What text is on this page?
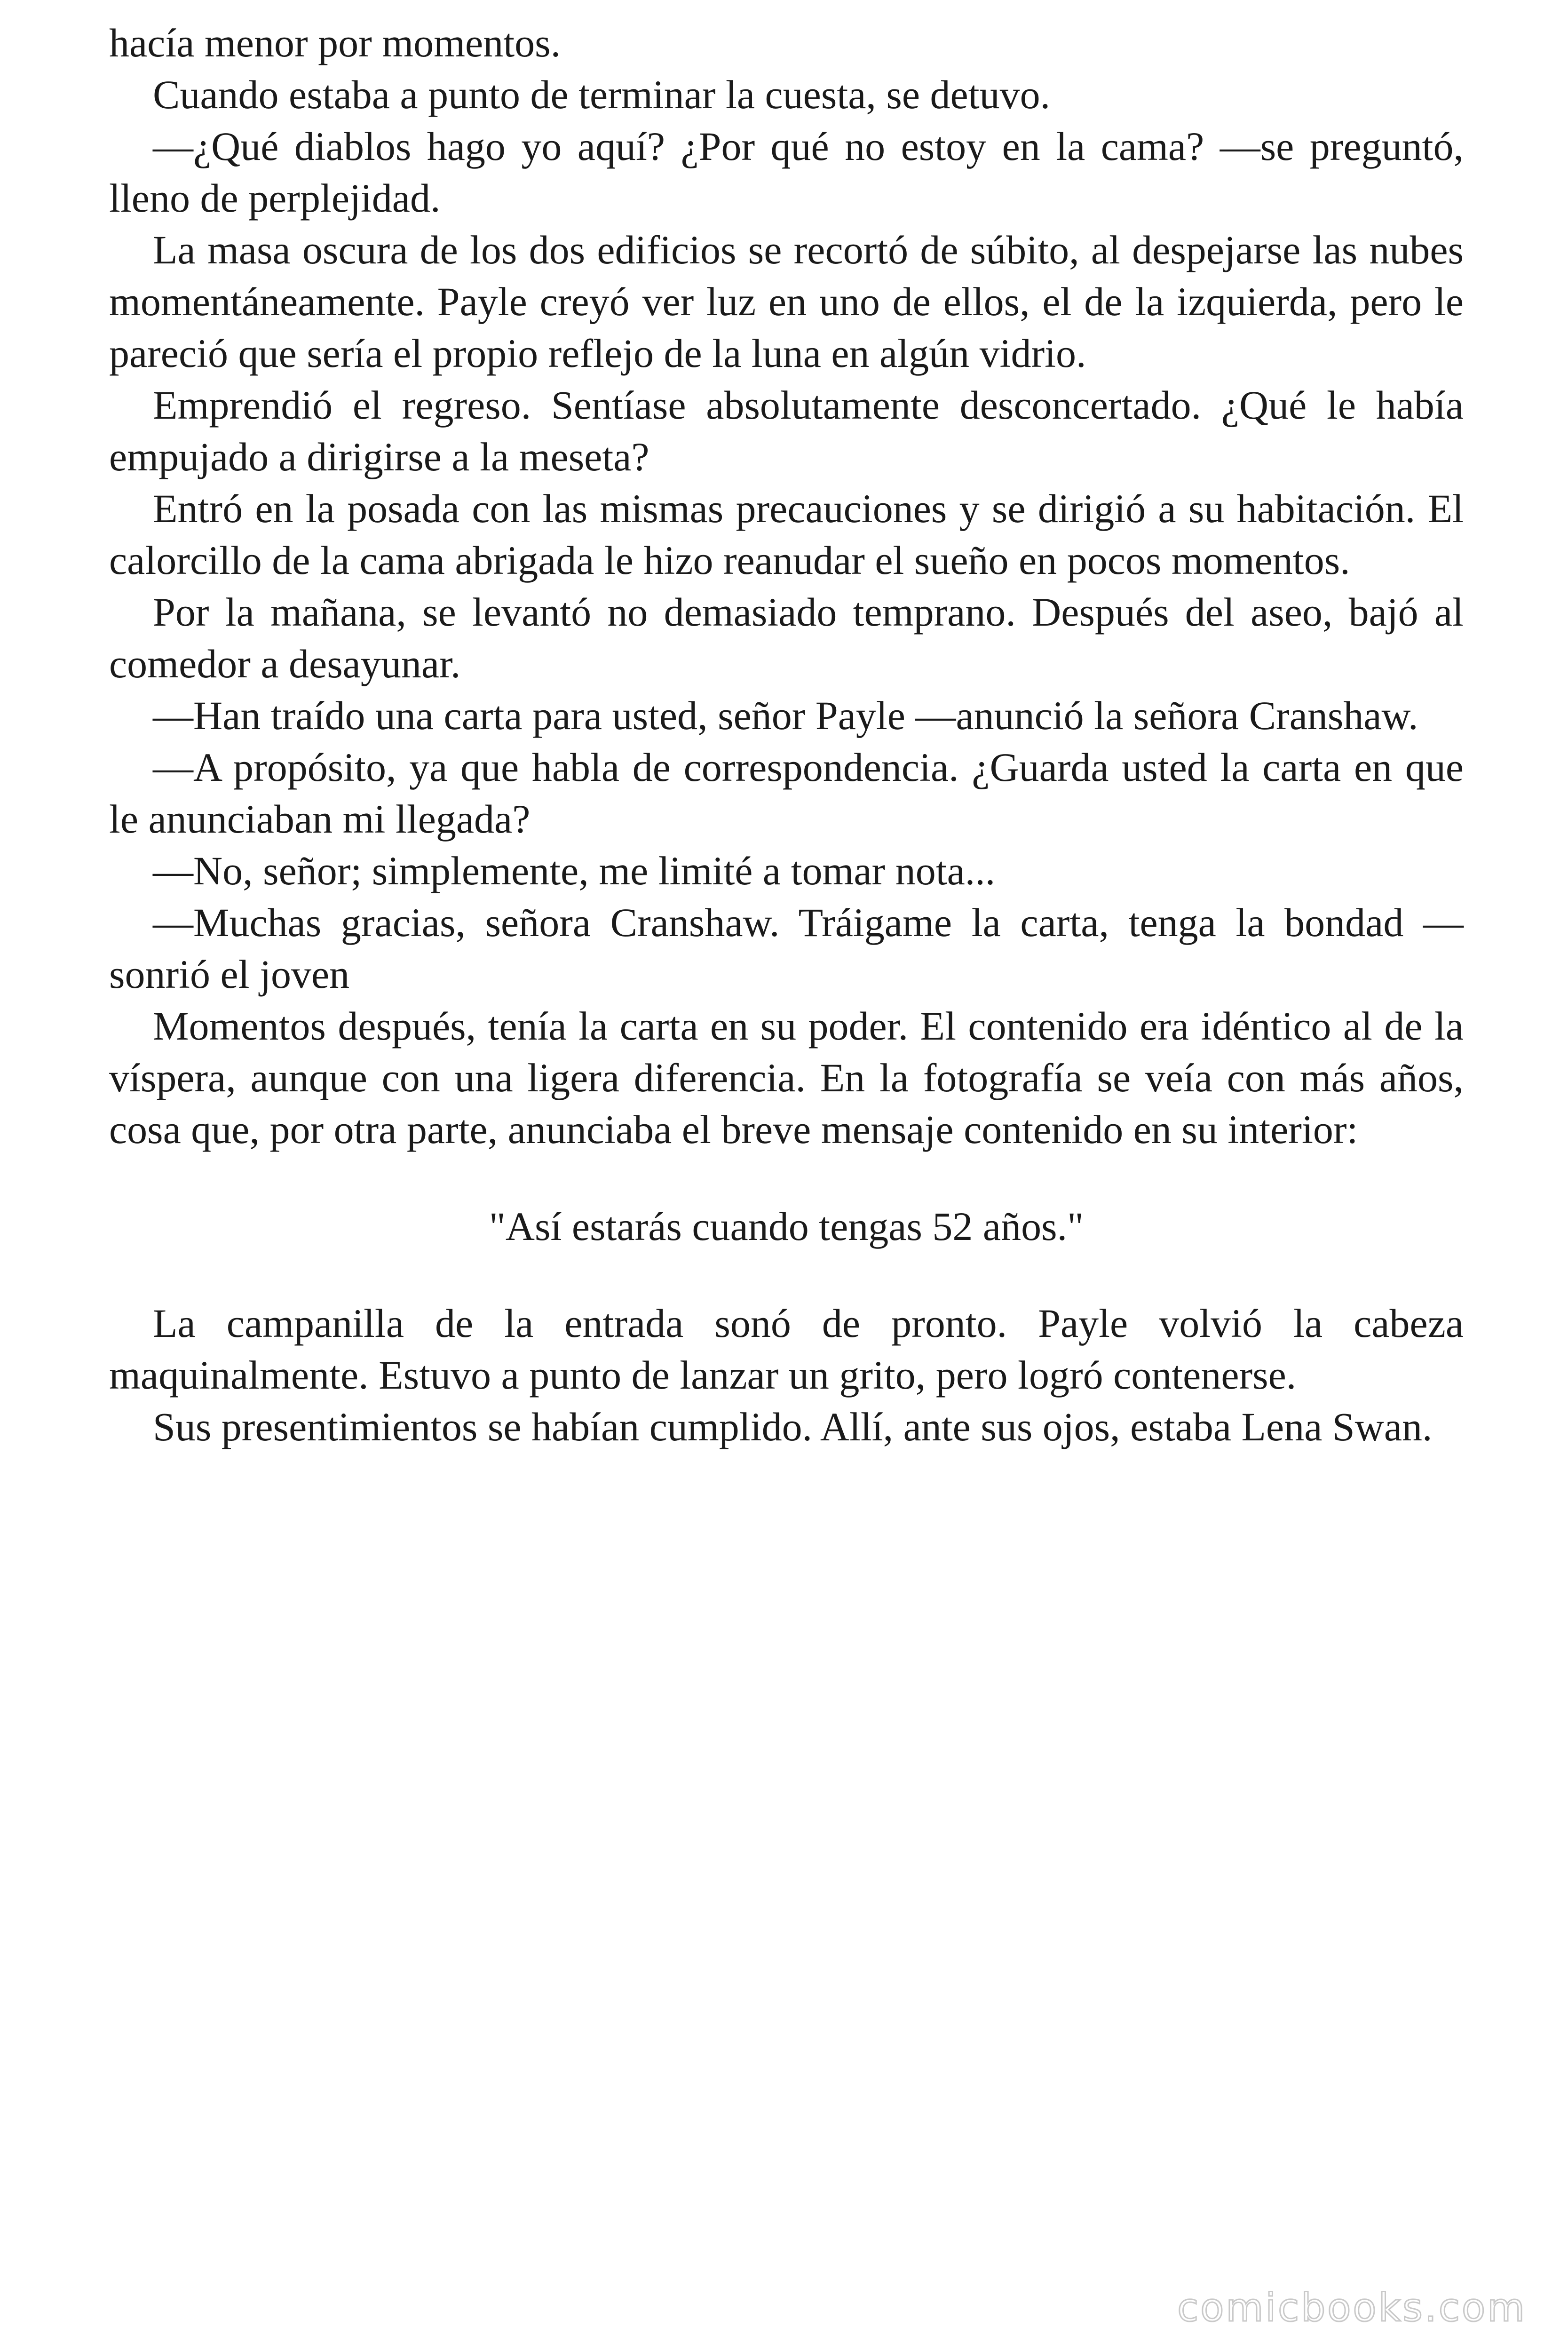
hacía menor por momentos.

Cuando estaba a punto de terminar la cuesta, se detuvo.

—¿Qué diablos hago yo aquí? ¿Por qué no estoy en la cama? —se preguntó, lleno de perplejidad.

La masa oscura de los dos edificios se recortó de súbito, al despejarse las nubes momentáneamente. Payle creyó ver luz en uno de ellos, el de la izquierda, pero le pareció que sería el propio reflejo de la luna en algún vidrio.

Emprendió el regreso. Sentíase absolutamente desconcertado. ¿Qué le había empujado a dirigirse a la meseta?

Entró en la posada con las mismas precauciones y se dirigió a su habitación. El calorcillo de la cama abrigada le hizo reanudar el sueño en pocos momentos.

Por la mañana, se levantó no demasiado temprano. Después del aseo, bajó al comedor a desayunar.

—Han traído una carta para usted, señor Payle —anunció la señora Cranshaw.

—A propósito, ya que habla de correspondencia. ¿Guarda usted la carta en que le anunciaban mi llegada?

—No, señor; simplemente, me limité a tomar nota...

—Muchas gracias, señora Cranshaw. Tráigame la carta, tenga la bondad —sonrió el joven

Momentos después, tenía la carta en su poder. El contenido era idéntico al de la víspera, aunque con una ligera diferencia. En la fotografía se veía con más años, cosa que, por otra parte, anunciaba el breve mensaje contenido en su interior:

"Así estarás cuando tengas 52 años."

La campanilla de la entrada sonó de pronto. Payle volvió la cabeza maquinalmente. Estuvo a punto de lanzar un grito, pero logró contenerse.

Sus presentimientos se habían cumplido. Allí, ante sus ojos, estaba Lena Swan.

comicbooks.com
